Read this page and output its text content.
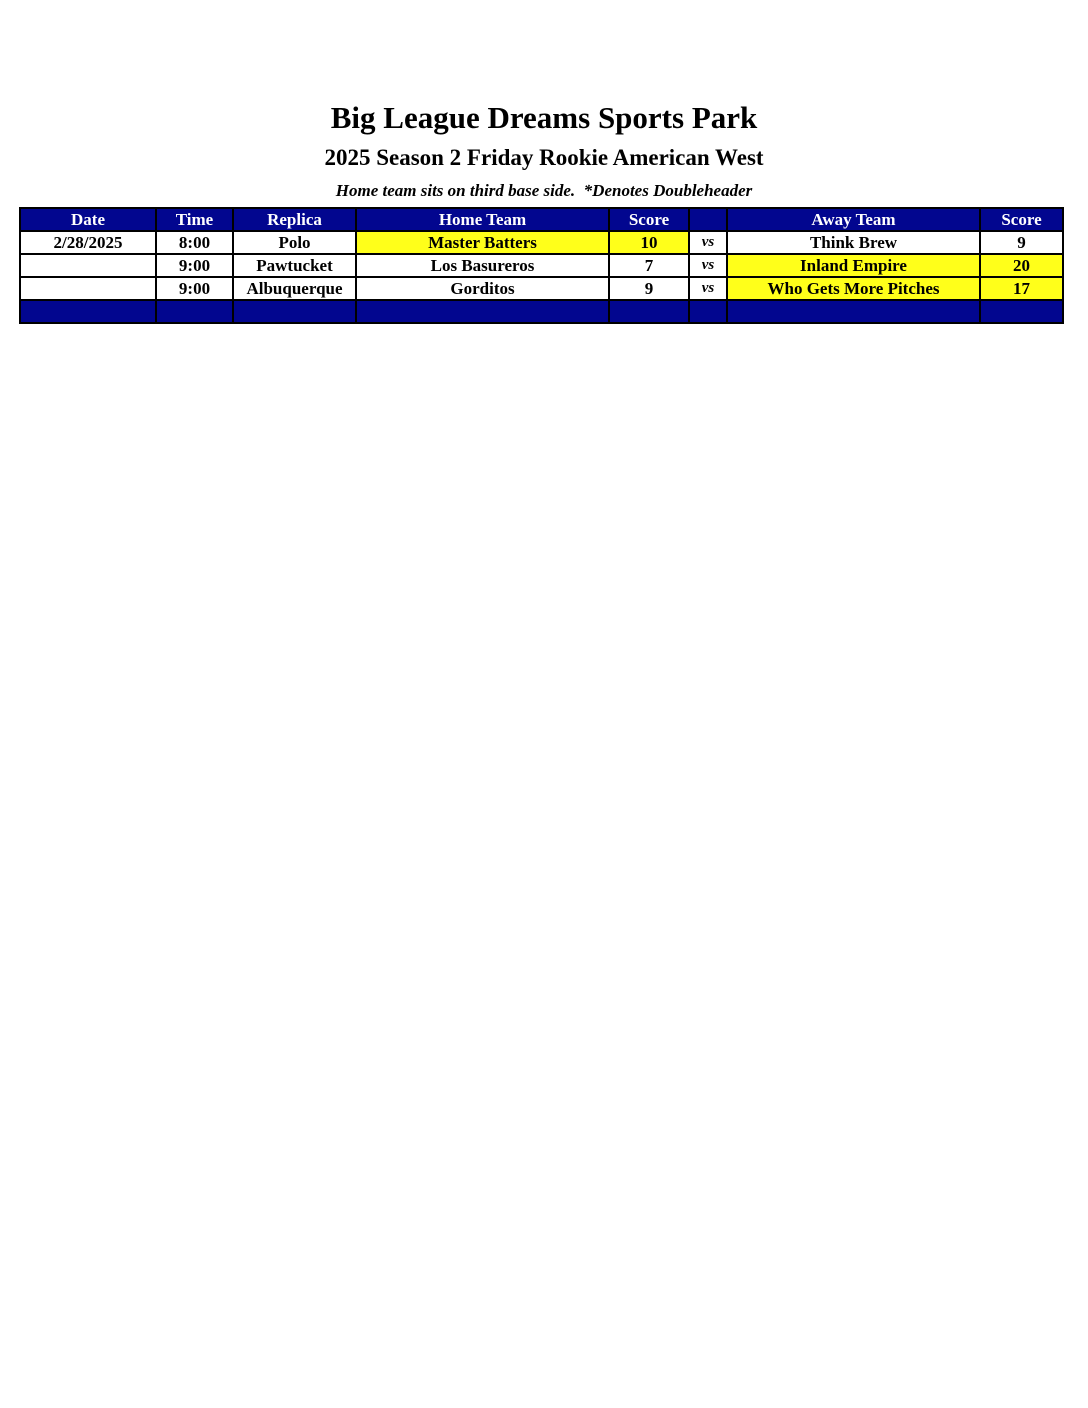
Big League Dreams Sports Park
2025 Season 2 Friday Rookie American West

Home team sits on third base side.  *Denotes Doubleheader

Date	Time	Replica	Home Team	Score		Away Team	Score
2/28/2025	8:00	Polo	Master Batters	10	vs	Think Brew	9
	9:00	Pawtucket	Los Basureros	7	vs	Inland Empire	20
	9:00	Albuquerque	Gorditos	9	vs	Who Gets More Pitches	17
